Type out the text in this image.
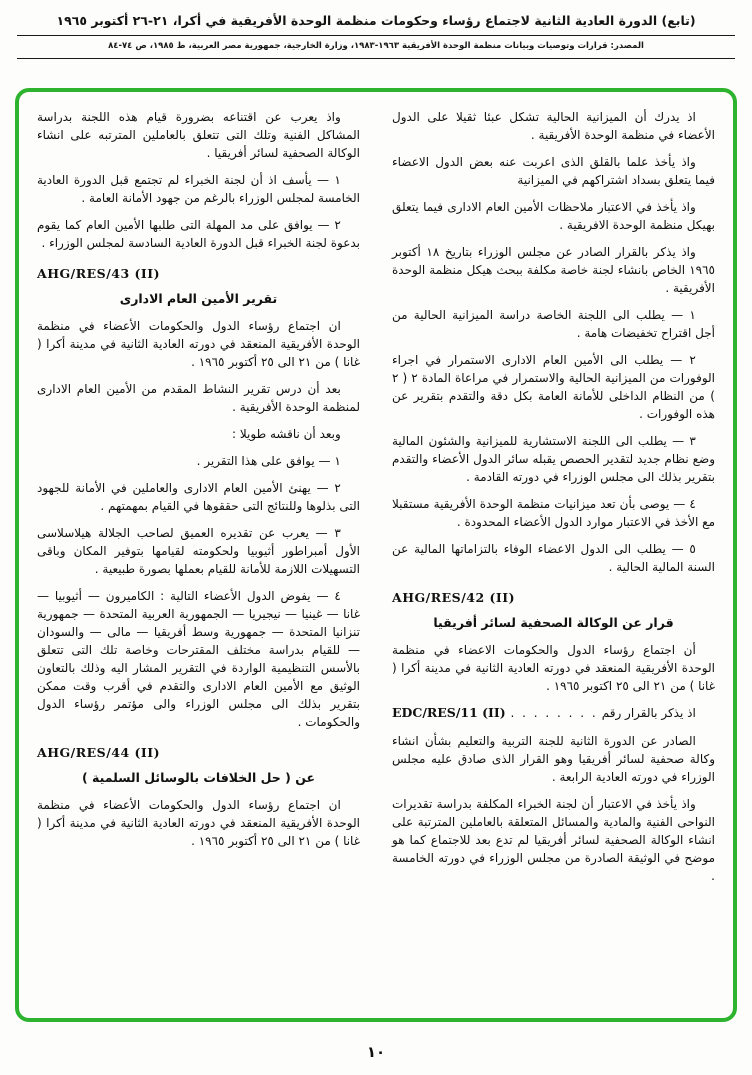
(تابع) الدورة العادية الثانية لاجتماع رؤساء وحكومات منظمة الوحدة الأفريقية في أكرا، ٢١-٢٦ أكتوبر ١٩٦٥
المصدر: قرارات وتوصيات وبيانات منظمة الوحدة الأفريقية ١٩٦٣-١٩٨٣، وزارة الخارجية، جمهورية مصر العربية، ط ١٩٨٥، ص ٧٤-٨٤

اذ يدرك أن الميزانية الحالية تشكل عبئا ثقيلا على الدول الأعضاء في منظمة الوحدة الأفريقية .

واذ يأخذ علما بالقلق الذى اعربت عنه بعض الدول الاعضاء فيما يتعلق بسداد اشتراكهم في الميزانية

واذ يأخذ في الاعتبار ملاحظات الأمين العام الادارى فيما يتعلق بهيكل منظمة الوحدة الافريقية .

واذ يذكر بالقرار الصادر عن مجلس الوزراء بتاريخ ١٨ أكتوبر ١٩٦٥ الخاص بانشاء لجنة خاصة مكلفة ببحث هيكل منظمة الوحدة الأفريقية .

١ — يطلب الى اللجنة الخاصة دراسة الميزانية الحالية من أجل اقتراح تخفيضات هامة .

٢ — يطلب الى الأمين العام الادارى الاستمرار في اجراء الوفورات من الميزانية الحالية والاستمرار في مراعاة المادة ٢ ( ٢ ) من النظام الداخلى للأمانة العامة بكل دقة والتقدم بتقرير عن هذه الوفورات .

٣ — يطلب الى اللجنة الاستشارية للميزانية والشئون المالية وضع نظام جديد لتقدير الحصص يقبله سائر الدول الأعضاء والتقدم بتقرير بذلك الى مجلس الوزراء في دورته القادمة .

٤ — يوصى بأن تعد ميزانيات منظمة الوحدة الأفريقية مستقبلا مع الأخذ في الاعتبار موارد الدول الأعضاء المحدودة .

٥ — يطلب الى الدول الاعضاء الوفاء بالتزاماتها المالية عن السنة المالية الحالية .

AHG/RES/42 (II)
قرار عن الوكالة الصحفية لسائر أفريقيا

أن اجتماع رؤساء الدول والحكومات الاعضاء في منظمة الوحدة الأفريقية المنعقد في دورته العادية الثانية في مدينة أكرا ( غانا ) من ٢١ الى ٢٥ اكتوبر ١٩٦٥ .

اذ يذكر بالقرار رقم
. . . . . . . .
EDC/RES/11 (II)

الصادر عن الدورة الثانية للجنة التربية والتعليم بشأن انشاء وكالة صحفية لسائر أفريقيا وهو القرار الذى صادق عليه مجلس الوزراء في دورته العادية الرابعة .

واذ يأخذ في الاعتبار أن لجنة الخبراء المكلفة بدراسة تقديرات النواحى الفنية والمادية والمسائل المتعلقة بالعاملين المترتبة على انشاء الوكالة الصحفية لسائر أفريقيا لم تدع بعد للاجتماع كما هو موضح في الوثيقة الصادرة من مجلس الوزراء في دورته الخامسة .

واذ يعرب عن اقتناعه بضرورة قيام هذه اللجنة بدراسة المشاكل الفنية وتلك التى تتعلق بالعاملين المترتبه على انشاء الوكالة الصحفية لسائر أفريقيا .

١ — يأسف اذ أن لجنة الخبراء لم تجتمع قبل الدورة العادية الخامسة لمجلس الوزراء بالرغم من جهود الأمانة العامة .

٢ — يوافق على مد المهلة التى طلبها الأمين العام كما يقوم بدعوة لجنة الخبراء قبل الدورة العادية السادسة لمجلس الوزراء .

AHG/RES/43 (II)
تقرير الأمين العام الادارى

ان اجتماع رؤساء الدول والحكومات الأعضاء في منظمة الوحدة الأفريقية المنعقد في دورته العادية الثانية في مدينة أكرا ( غانا ) من ٢١ الى ٢٥ أكتوبر ١٩٦٥ .

بعد أن درس تقرير النشاط المقدم من الأمين العام الادارى لمنظمة الوحدة الأفريقية .

وبعد أن ناقشه طويلا :

١ — يوافق على هذا التقرير .

٢ — يهنئ الأمين العام الادارى والعاملين في الأمانة للجهود التى بذلوها وللنتائج التى حققوها في القيام بمهمتهم .

٣ — يعرب عن تقديره العميق لصاحب الجلالة هيلاسلاسى الأول أمبراطور أثيوبيا ولحكومته لقيامها بتوفير المكان وباقى التسهيلات اللازمة للأمانة للقيام بعملها بصورة طبيعية .

٤ — يفوض الدول الأعضاء التالية : الكاميرون — أثيوبيا — غانا — غينيا — نيجيريا — الجمهورية العربية المتحدة — جمهورية تنزانيا المتحدة — جمهورية وسط أفريقيا — مالى — والسودان — للقيام بدراسة مختلف المقترحات وخاصة تلك التى تتعلق بالأسس التنظيمية الواردة في التقرير المشار اليه وذلك بالتعاون الوثيق مع الأمين العام الادارى والتقدم في أقرب وقت ممكن بتقرير بذلك الى مجلس الوزراء والى مؤتمر رؤساء الدول والحكومات .

AHG/RES/44 (II)
عن ( حل الخلافات بالوسائل السلمية )

ان اجتماع رؤساء الدول والحكومات الأعضاء في منظمة الوحدة الأفريقية المنعقد في دورته العادية الثانية في مدينة أكرا ( غانا ) من ٢١ الى ٢٥ أكتوبر ١٩٦٥ .

١٠
